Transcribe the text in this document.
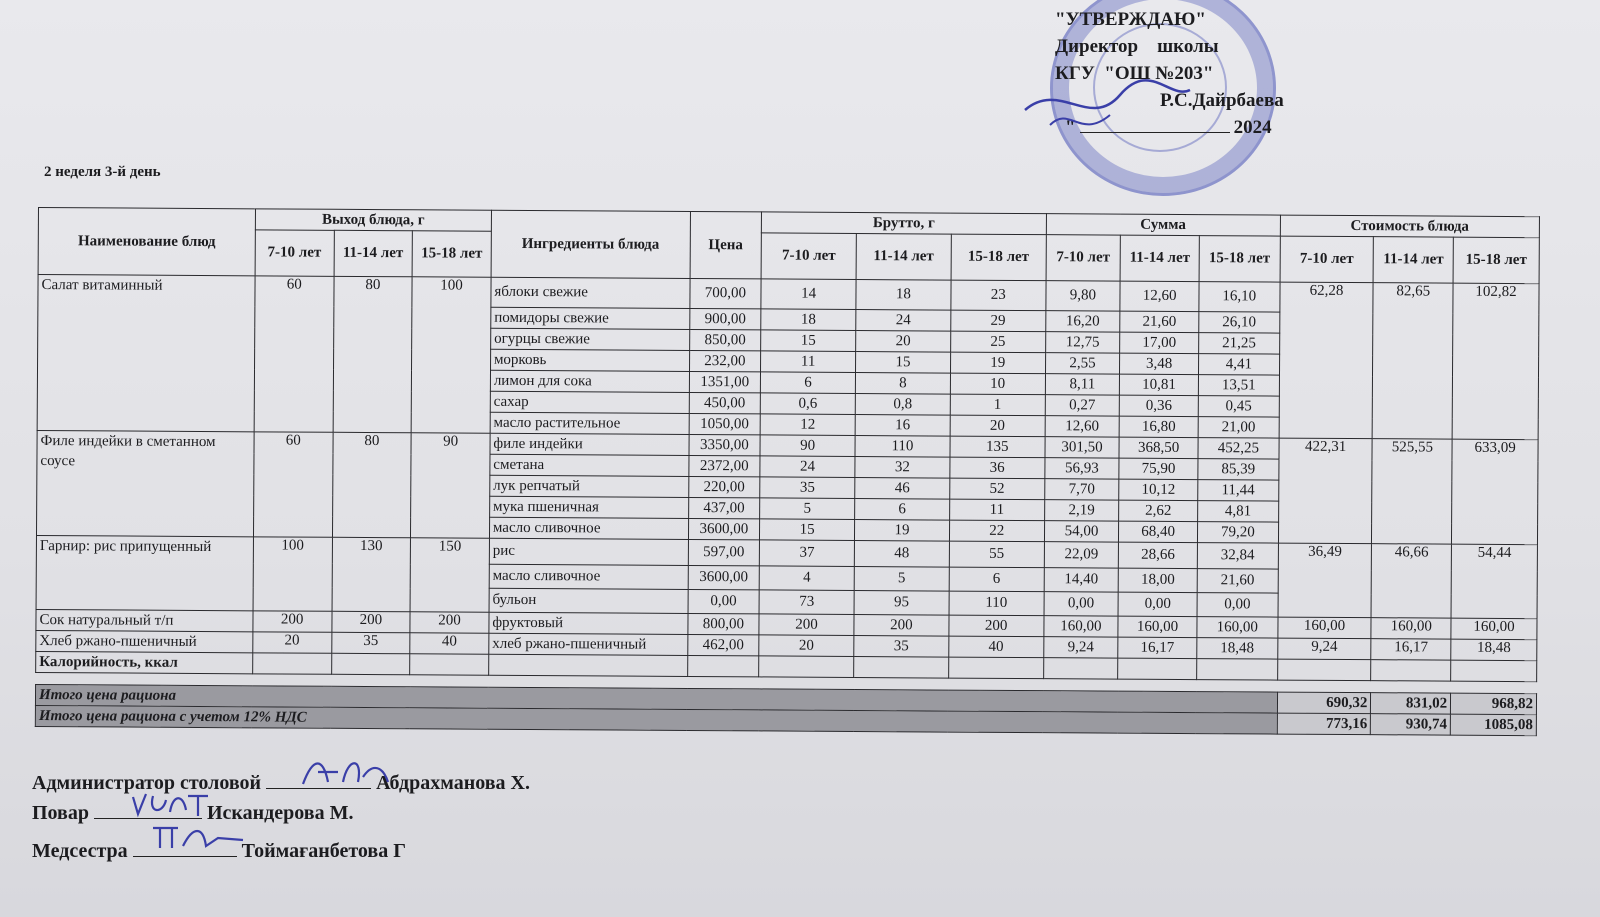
"УТВЕРЖДАЮ"
Директор    школы
КГУ  "ОШ №203"
Р.С.Дайрбаева
"	2024
2 неделя 3-й день
Наименование блюд	Выход блюда, г			Ингредиенты блюда	Цена	Брутто, г			Сумма			Стоимость блюда		
	7-10 лет	11-14 лет	15-18 лет			7-10 лет	11-14 лет	15-18 лет	7-10 лет	11-14 лет	15-18 лет	7-10 лет	11-14 лет	15-18 лет
Салат витаминный	60	80	100	яблоки свежие	700,00	14	18	23	9,80	12,60	16,10	62,28	82,65	102,82
				помидоры свежие	900,00	18	24	29	16,20	21,60	26,10			
				огурцы свежие	850,00	15	20	25	12,75	17,00	21,25			
				морковь	232,00	11	15	19	2,55	3,48	4,41			
				лимон для сока	1351,00	6	8	10	8,11	10,81	13,51			
				сахар	450,00	0,6	0,8	1	0,27	0,36	0,45			
				масло растительное	1050,00	12	16	20	12,60	16,80	21,00			
Филе индейки в сметанном соусе	60	80	90	филе индейки	3350,00	90	110	135	301,50	368,50	452,25	422,31	525,55	633,09
				сметана	2372,00	24	32	36	56,93	75,90	85,39			
				лук репчатый	220,00	35	46	52	7,70	10,12	11,44			
				мука пшеничная	437,00	5	6	11	2,19	2,62	4,81			
				масло сливочное	3600,00	15	19	22	54,00	68,40	79,20			
Гарнир: рис припущенный	100	130	150	рис	597,00	37	48	55	22,09	28,66	32,84	36,49	46,66	54,44
				масло сливочное	3600,00	4	5	6	14,40	18,00	21,60			
				бульон	0,00	73	95	110	0,00	0,00	0,00			
Сок натуральный т/п	200	200	200	фруктовый	800,00	200	200	200	160,00	160,00	160,00	160,00	160,00	160,00
Хлеб ржано-пшеничный	20	35	40	хлеб ржано-пшеничный	462,00	20	35	40	9,24	16,17	18,48	9,24	16,17	18,48
Калорийность, ккал														

Итого цена рациона												690,32	831,02	968,82
Итого цена рациона с учетом 12% НДС												773,16	930,74	1085,08
Администратор столовой	Абдрахманова Х.
Повар	Искандерова М.
Медсестра	Тоймағанбетова Г
